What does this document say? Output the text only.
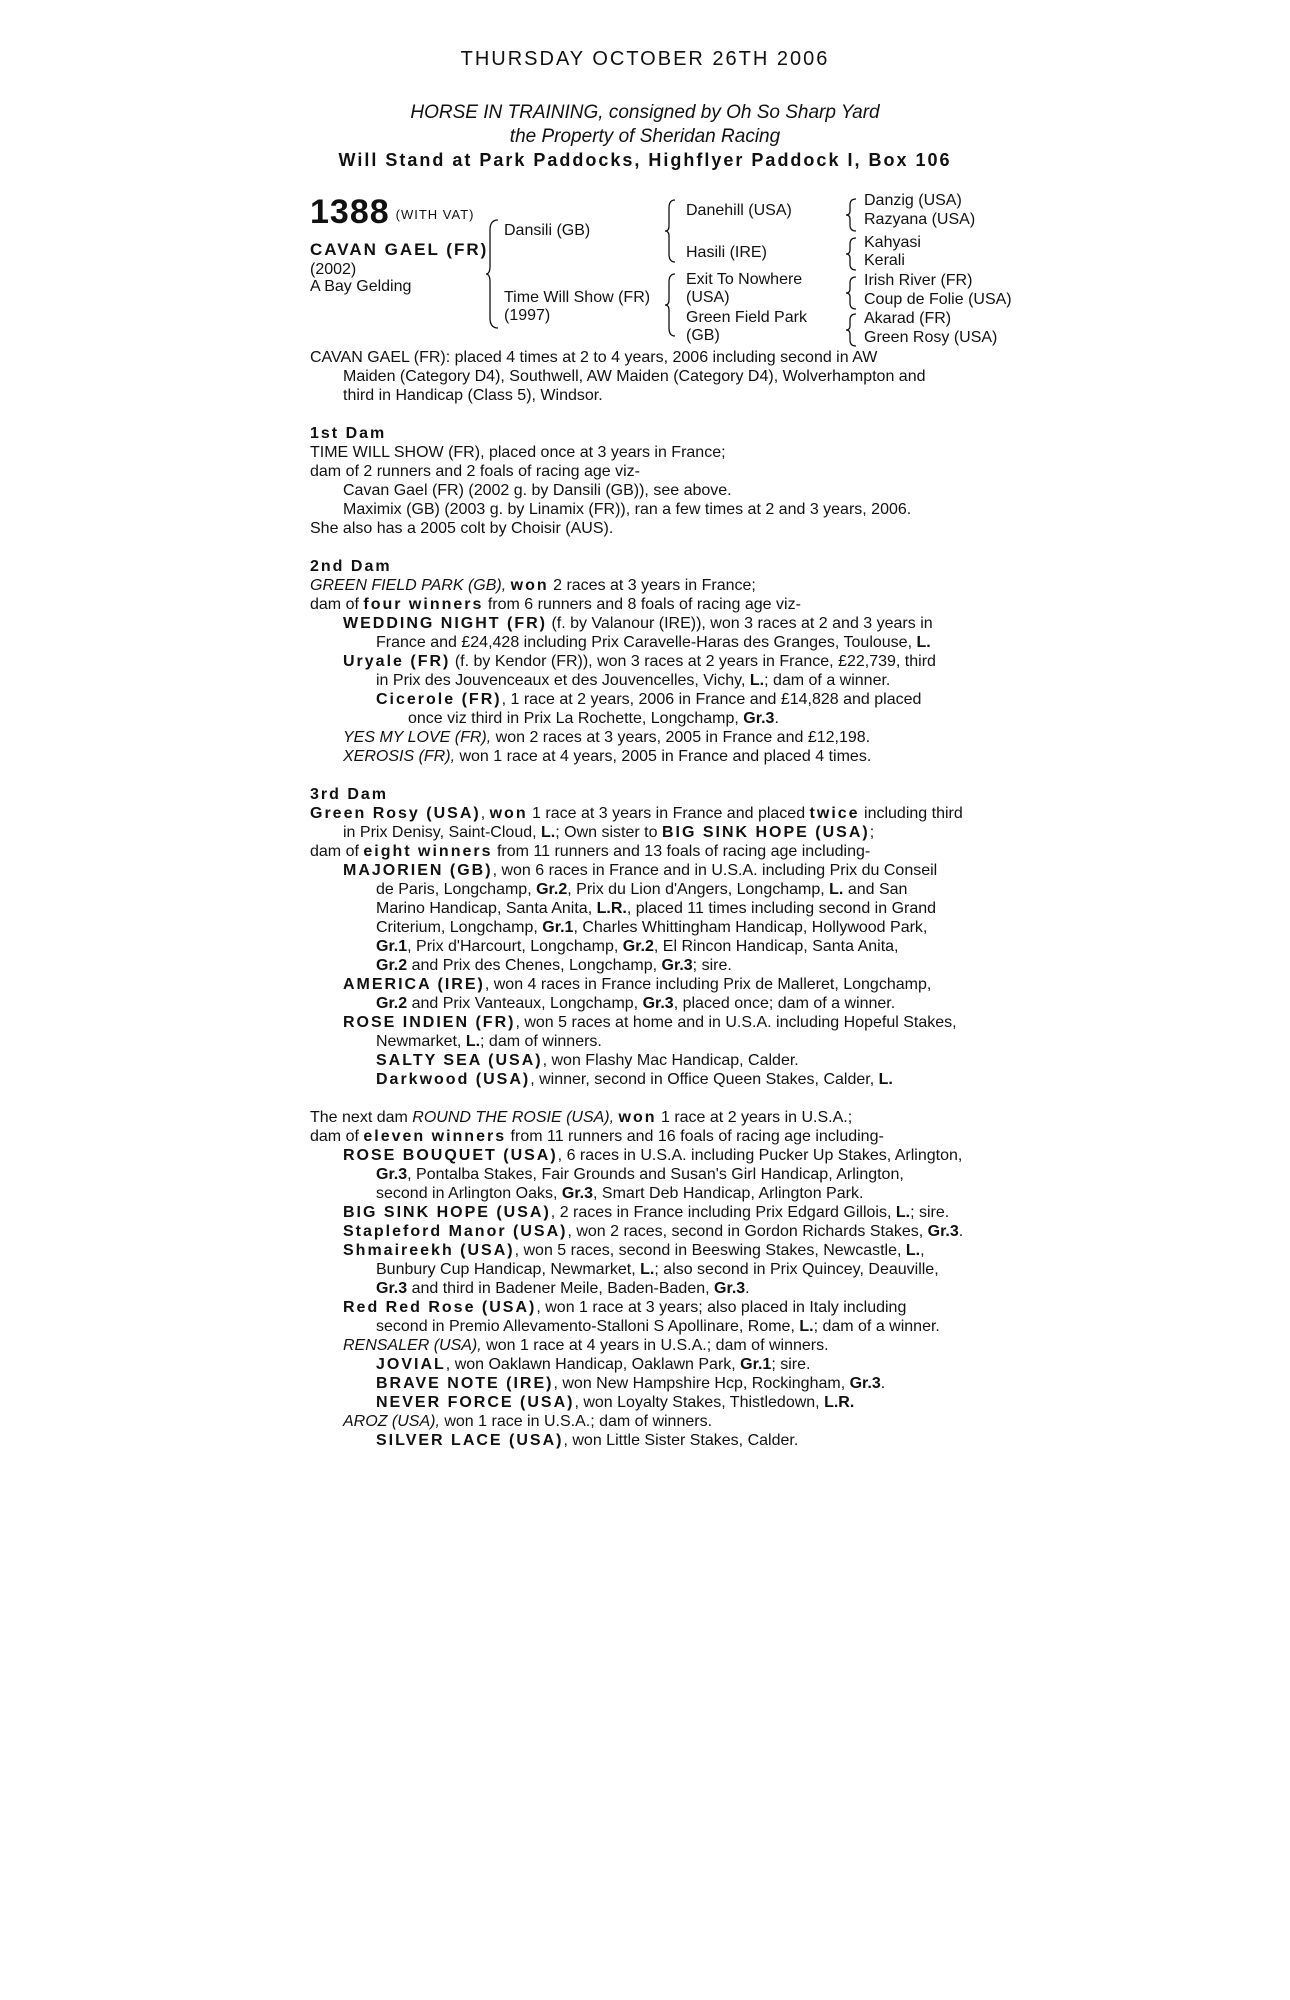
THURSDAY OCTOBER 26TH 2006
HORSE IN TRAINING, consigned by Oh So Sharp Yard
the Property of Sheridan Racing
Will Stand at Park Paddocks, Highflyer Paddock I, Box 106
1388 (WITH VAT)
CAVAN GAEL (FR)
(2002)
A Bay Gelding
Dansili (GB)
Time Will Show (FR)
(1997)
Danehill (USA)
Hasili (IRE)
Exit To Nowhere
(USA)
Green Field Park
(GB)
Danzig (USA)
Razyana (USA)
Kahyasi
Kerali
Irish River (FR)
Coup de Folie (USA)
Akarad (FR)
Green Rosy (USA)
CAVAN GAEL (FR): placed 4 times at 2 to 4 years, 2006 including second in AW
Maiden (Category D4), Southwell, AW Maiden (Category D4), Wolverhampton and
third in Handicap (Class 5), Windsor.
1st Dam
TIME WILL SHOW (FR), placed once at 3 years in France;
dam of 2 runners and 2 foals of racing age viz-
Cavan Gael (FR) (2002 g. by Dansili (GB)), see above.
Maximix (GB) (2003 g. by Linamix (FR)), ran a few times at 2 and 3 years, 2006.
She also has a 2005 colt by Choisir (AUS).
2nd Dam
GREEN FIELD PARK (GB), won 2 races at 3 years in France;
dam of four winners from 6 runners and 8 foals of racing age viz-
WEDDING NIGHT (FR) (f. by Valanour (IRE)), won 3 races at 2 and 3 years in
France and £24,428 including Prix Caravelle-Haras des Granges, Toulouse, L.
Uryale (FR) (f. by Kendor (FR)), won 3 races at 2 years in France, £22,739, third
in Prix des Jouvenceaux et des Jouvencelles, Vichy, L.; dam of a winner.
Cicerole (FR), 1 race at 2 years, 2006 in France and £14,828 and placed
once viz third in Prix La Rochette, Longchamp, Gr.3.
YES MY LOVE (FR), won 2 races at 3 years, 2005 in France and £12,198.
XEROSIS (FR), won 1 race at 4 years, 2005 in France and placed 4 times.
3rd Dam
Green Rosy (USA), won 1 race at 3 years in France and placed twice including third
in Prix Denisy, Saint-Cloud, L.; Own sister to BIG SINK HOPE (USA);
dam of eight winners from 11 runners and 13 foals of racing age including-
MAJORIEN (GB), won 6 races in France and in U.S.A. including Prix du Conseil
de Paris, Longchamp, Gr.2, Prix du Lion d'Angers, Longchamp, L. and San
Marino Handicap, Santa Anita, L.R., placed 11 times including second in Grand
Criterium, Longchamp, Gr.1, Charles Whittingham Handicap, Hollywood Park,
Gr.1, Prix d'Harcourt, Longchamp, Gr.2, El Rincon Handicap, Santa Anita,
Gr.2 and Prix des Chenes, Longchamp, Gr.3; sire.
AMERICA (IRE), won 4 races in France including Prix de Malleret, Longchamp,
Gr.2 and Prix Vanteaux, Longchamp, Gr.3, placed once; dam of a winner.
ROSE INDIEN (FR), won 5 races at home and in U.S.A. including Hopeful Stakes,
Newmarket, L.; dam of winners.
SALTY SEA (USA), won Flashy Mac Handicap, Calder.
Darkwood (USA), winner, second in Office Queen Stakes, Calder, L.
The next dam ROUND THE ROSIE (USA), won 1 race at 2 years in U.S.A.;
dam of eleven winners from 11 runners and 16 foals of racing age including-
ROSE BOUQUET (USA), 6 races in U.S.A. including Pucker Up Stakes, Arlington,
Gr.3, Pontalba Stakes, Fair Grounds and Susan's Girl Handicap, Arlington,
second in Arlington Oaks, Gr.3, Smart Deb Handicap, Arlington Park.
BIG SINK HOPE (USA), 2 races in France including Prix Edgard Gillois, L.; sire.
Stapleford Manor (USA), won 2 races, second in Gordon Richards Stakes, Gr.3.
Shmaireekh (USA), won 5 races, second in Beeswing Stakes, Newcastle, L.,
Bunbury Cup Handicap, Newmarket, L.; also second in Prix Quincey, Deauville,
Gr.3 and third in Badener Meile, Baden-Baden, Gr.3.
Red Red Rose (USA), won 1 race at 3 years; also placed in Italy including
second in Premio Allevamento-Stalloni S Apollinare, Rome, L.; dam of a winner.
RENSALER (USA), won 1 race at 4 years in U.S.A.; dam of winners.
JOVIAL, won Oaklawn Handicap, Oaklawn Park, Gr.1; sire.
BRAVE NOTE (IRE), won New Hampshire Hcp, Rockingham, Gr.3.
NEVER FORCE (USA), won Loyalty Stakes, Thistledown, L.R.
AROZ (USA), won 1 race in U.S.A.; dam of winners.
SILVER LACE (USA), won Little Sister Stakes, Calder.
